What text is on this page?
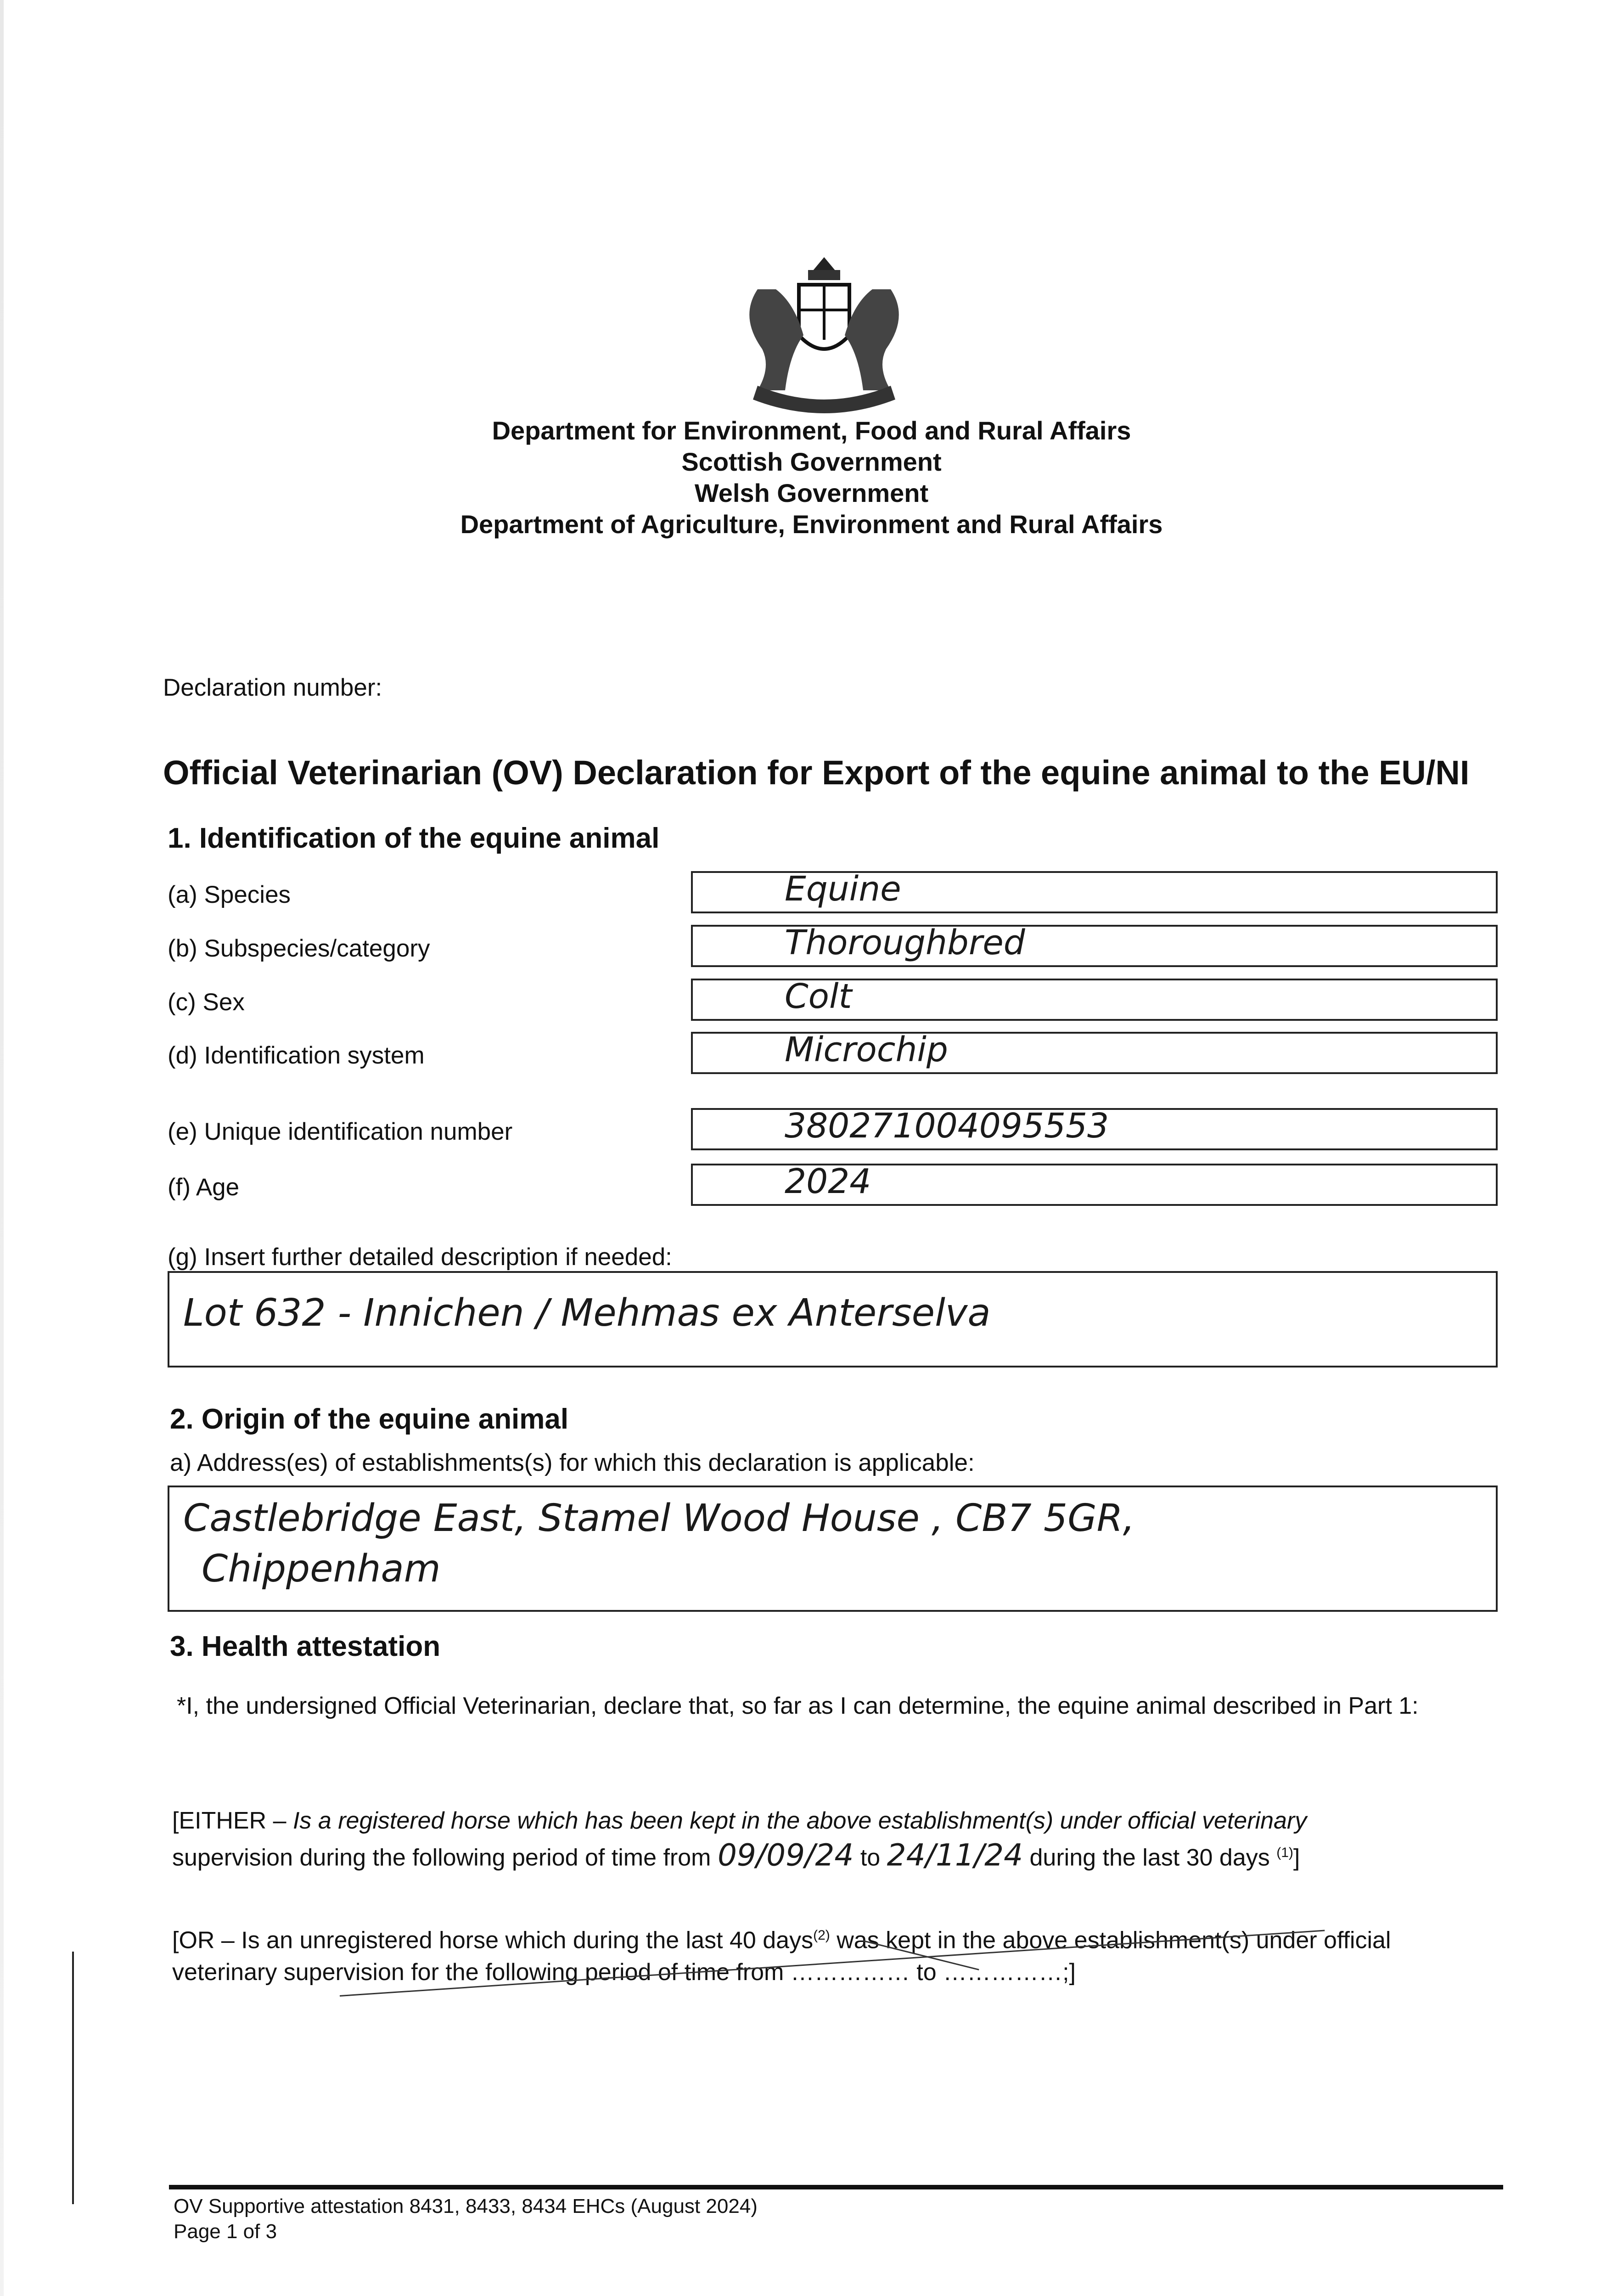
Department for Environment, Food and Rural Affairs
Scottish Government
Welsh Government
Department of Agriculture, Environment and Rural Affairs
Declaration number:
Official Veterinarian (OV) Declaration for Export of the equine animal to the EU/NI
1. Identification of the equine animal
(a) Species	Equine
(b) Subspecies/category	Thoroughbred
(c) Sex	Colt
(d) Identification system	Microchip
(e) Unique identification number	380271004095553
(f) Age	2024
(g) Insert further detailed description if needed:
Lot 632 - Innichen / Mehmas ex Anterselva
2. Origin of the equine animal
a) Address(es) of establishments(s) for which this declaration is applicable:
Castlebridge East, Stamel Wood House , CB7 5GR,
Chippenham
3. Health attestation
*I, the undersigned Official Veterinarian, declare that, so far as I can determine, the equine animal described in Part 1:
[EITHER – Is a registered horse which has been kept in the above establishment(s) under official veterinary
supervision during the following period of time from 09/09/24 to 24/11/24 during the last 30 days $^{(1)}$]
[OR – Is an unregistered horse which during the last 40 days$^{(2)}$ was kept in the above establishment(s) under official
veterinary supervision for the following period of time from …………… to ……………;]
OV Supportive attestation 8431, 8433, 8434 EHCs (August 2024)
Page 1 of 3
